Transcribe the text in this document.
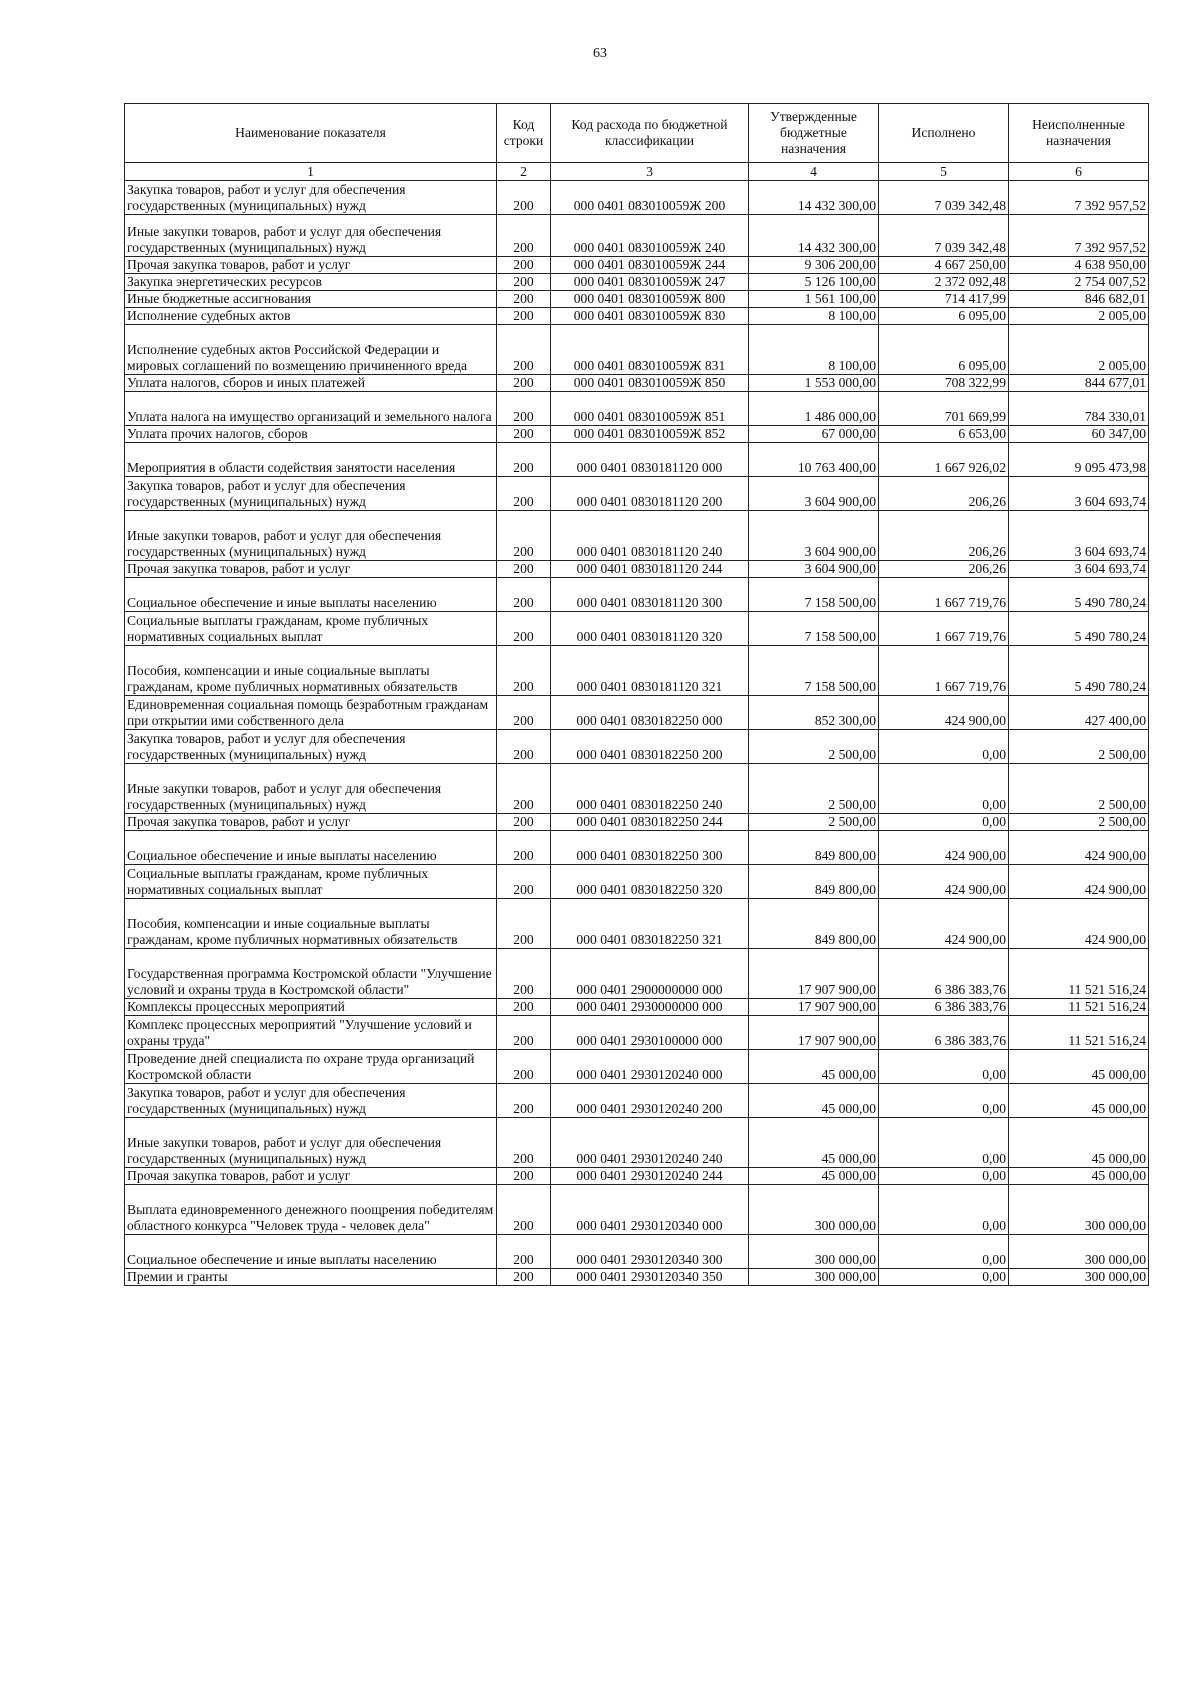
63
Наименование показателя	Код строки	Код расхода по бюджетной классификации	Утвержденные бюджетные назначения	Исполнено	Неисполненные назначения
1	2	3	4	5	6
Закупка товаров, работ и услуг для обеспечения государственных (муниципальных) нужд	200	000 0401 083010059Ж 200	14 432 300,00	7 039 342,48	7 392 957,52
Иные закупки товаров, работ и услуг для обеспечения государственных (муниципальных) нужд	200	000 0401 083010059Ж 240	14 432 300,00	7 039 342,48	7 392 957,52
Прочая закупка товаров, работ и услуг	200	000 0401 083010059Ж 244	9 306 200,00	4 667 250,00	4 638 950,00
Закупка энергетических ресурсов	200	000 0401 083010059Ж 247	5 126 100,00	2 372 092,48	2 754 007,52
Иные бюджетные ассигнования	200	000 0401 083010059Ж 800	1 561 100,00	714 417,99	846 682,01
Исполнение судебных актов	200	000 0401 083010059Ж 830	8 100,00	6 095,00	2 005,00
Исполнение судебных актов Российской Федерации и мировых соглашений по возмещению причиненного вреда	200	000 0401 083010059Ж 831	8 100,00	6 095,00	2 005,00
Уплата налогов, сборов и иных платежей	200	000 0401 083010059Ж 850	1 553 000,00	708 322,99	844 677,01
Уплата налога на имущество организаций и земельного налога	200	000 0401 083010059Ж 851	1 486 000,00	701 669,99	784 330,01
Уплата прочих налогов, сборов	200	000 0401 083010059Ж 852	67 000,00	6 653,00	60 347,00
Мероприятия в области содействия занятости населения	200	000 0401 0830181120 000	10 763 400,00	1 667 926,02	9 095 473,98
Закупка товаров, работ и услуг для обеспечения государственных (муниципальных) нужд	200	000 0401 0830181120 200	3 604 900,00	206,26	3 604 693,74
Иные закупки товаров, работ и услуг для обеспечения государственных (муниципальных) нужд	200	000 0401 0830181120 240	3 604 900,00	206,26	3 604 693,74
Прочая закупка товаров, работ и услуг	200	000 0401 0830181120 244	3 604 900,00	206,26	3 604 693,74
Социальное обеспечение и иные выплаты населению	200	000 0401 0830181120 300	7 158 500,00	1 667 719,76	5 490 780,24
Социальные выплаты гражданам, кроме публичных нормативных социальных выплат	200	000 0401 0830181120 320	7 158 500,00	1 667 719,76	5 490 780,24
Пособия, компенсации и иные социальные выплаты гражданам, кроме публичных нормативных обязательств	200	000 0401 0830181120 321	7 158 500,00	1 667 719,76	5 490 780,24
Единовременная социальная помощь безработным гражданам при открытии ими собственного дела	200	000 0401 0830182250 000	852 300,00	424 900,00	427 400,00
Закупка товаров, работ и услуг для обеспечения государственных (муниципальных) нужд	200	000 0401 0830182250 200	2 500,00	0,00	2 500,00
Иные закупки товаров, работ и услуг для обеспечения государственных (муниципальных) нужд	200	000 0401 0830182250 240	2 500,00	0,00	2 500,00
Прочая закупка товаров, работ и услуг	200	000 0401 0830182250 244	2 500,00	0,00	2 500,00
Социальное обеспечение и иные выплаты населению	200	000 0401 0830182250 300	849 800,00	424 900,00	424 900,00
Социальные выплаты гражданам, кроме публичных нормативных социальных выплат	200	000 0401 0830182250 320	849 800,00	424 900,00	424 900,00
Пособия, компенсации и иные социальные выплаты гражданам, кроме публичных нормативных обязательств	200	000 0401 0830182250 321	849 800,00	424 900,00	424 900,00
Государственная программа Костромской области "Улучшение условий и охраны труда в Костромской области"	200	000 0401 2900000000 000	17 907 900,00	6 386 383,76	11 521 516,24
Комплексы процессных мероприятий	200	000 0401 2930000000 000	17 907 900,00	6 386 383,76	11 521 516,24
Комплекс процессных мероприятий "Улучшение условий и охраны труда"	200	000 0401 2930100000 000	17 907 900,00	6 386 383,76	11 521 516,24
Проведение дней специалиста по охране труда организаций Костромской области	200	000 0401 2930120240 000	45 000,00	0,00	45 000,00
Закупка товаров, работ и услуг для обеспечения государственных (муниципальных) нужд	200	000 0401 2930120240 200	45 000,00	0,00	45 000,00
Иные закупки товаров, работ и услуг для обеспечения государственных (муниципальных) нужд	200	000 0401 2930120240 240	45 000,00	0,00	45 000,00
Прочая закупка товаров, работ и услуг	200	000 0401 2930120240 244	45 000,00	0,00	45 000,00
Выплата единовременного денежного поощрения победителям областного конкурса "Человек труда - человек дела"	200	000 0401 2930120340 000	300 000,00	0,00	300 000,00
Социальное обеспечение и иные выплаты населению	200	000 0401 2930120340 300	300 000,00	0,00	300 000,00
Премии и гранты	200	000 0401 2930120340 350	300 000,00	0,00	300 000,00
